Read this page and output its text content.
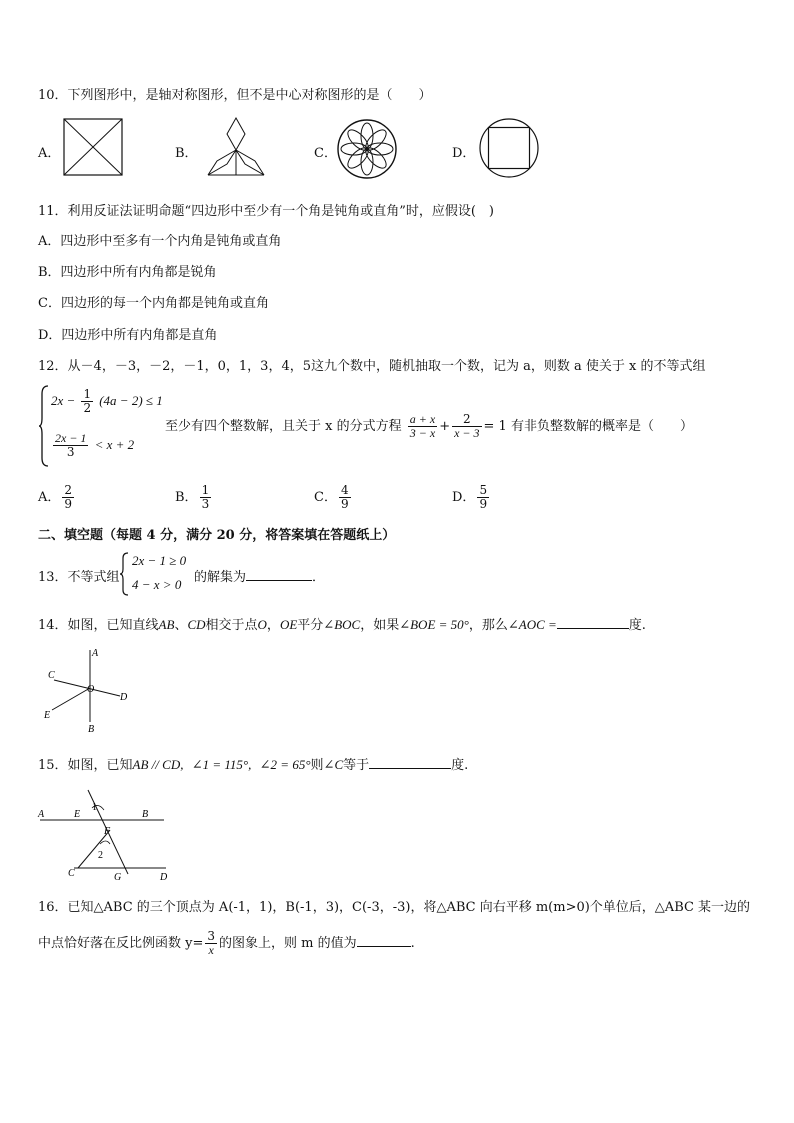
10．下列图形中，是轴对称图形，但不是中心对称图形的是（　　）
A．	B．	C．	D．
11．利用反证法证明命题“四边形中至少有一个角是钝角或直角”时，应假设(　)
A．四边形中至多有一个内角是钝角或直角
B．四边形中所有内角都是锐角
C．四边形的每一个内角都是钝角或直角
D．四边形中所有内角都是直角
12．从－4，－3，－2，－1，0，1，3，4，5这九个数中，随机抽取一个数，记为 a，则数 a 使关于 x 的不等式组
$2x - \frac{1}{2} (4a - 2) \le 1$
$\frac{2x - 1}{3} < x + 2$
至少有四个整数解，且关于 x 的分式方程 $\frac{a + x}{3 - x} + \frac{2}{x - 3} = 1$ 有非负整数解的概率是（　　）
A． $\frac{2}{9}$	B． $\frac{1}{3}$	C． $\frac{4}{9}$	D． $\frac{5}{9}$
二、填空题（每题 4 分，满分 20 分，将答案填在答题纸上）
13．不等式组
2x − 1 ≥ 0
4 − x > 0 的解集为	．
14．如图，已知直线AB、CD相交于点O，OE平分∠BOC，如果∠BOE = 50°，那么∠AOC =	度.
A
C
O
D
E
B
15．如图，已知AB // CD, ∠1 = 115°, ∠2 = 65°则∠C等于	度.
A	E
1
B
F
2
C	G	D
16．已知△ABC 的三个顶点为 A(-1，1)，B(-1，3)，C(-3，-3)，将△ABC 向右平移 m(m>0)个单位后，△ABC 某一边的
中点恰好落在反比例函数 $y= \frac{3}{x}$ 的图象上，则 m 的值为	.
